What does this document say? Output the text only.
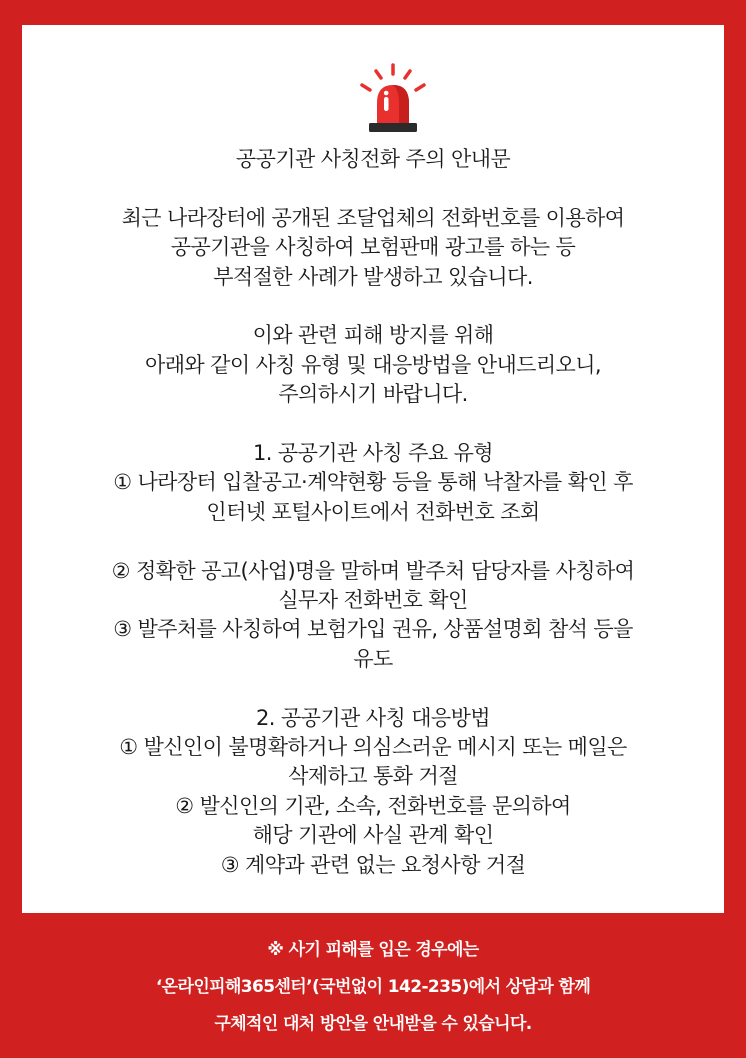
공공기관 사칭전화 주의 안내문
최근 나라장터에 공개된 조달업체의 전화번호를 이용하여
공공기관을 사칭하여 보험판매 광고를 하는 등
부적절한 사례가 발생하고 있습니다.
이와 관련 피해 방지를 위해
아래와 같이 사칭 유형 및 대응방법을 안내드리오니,
주의하시기 바랍니다.
1. 공공기관 사칭 주요 유형
① 나라장터 입찰공고·계약현황 등을 통해 낙찰자를 확인 후
인터넷 포털사이트에서 전화번호 조회
② 정확한 공고(사업)명을 말하며 발주처 담당자를 사칭하여
실무자 전화번호 확인
③ 발주처를 사칭하여 보험가입 권유, 상품설명회 참석 등을
유도
2. 공공기관 사칭 대응방법
① 발신인이 불명확하거나 의심스러운 메시지 또는 메일은
삭제하고 통화 거절
② 발신인의 기관, 소속, 전화번호를 문의하여
해당 기관에 사실 관계 확인
③ 계약과 관련 없는 요청사항 거절
※ 사기 피해를 입은 경우에는
‘온라인피해365센터’(국번없이 142-235)에서 상담과 함께
구체적인 대처 방안을 안내받을 수 있습니다.
